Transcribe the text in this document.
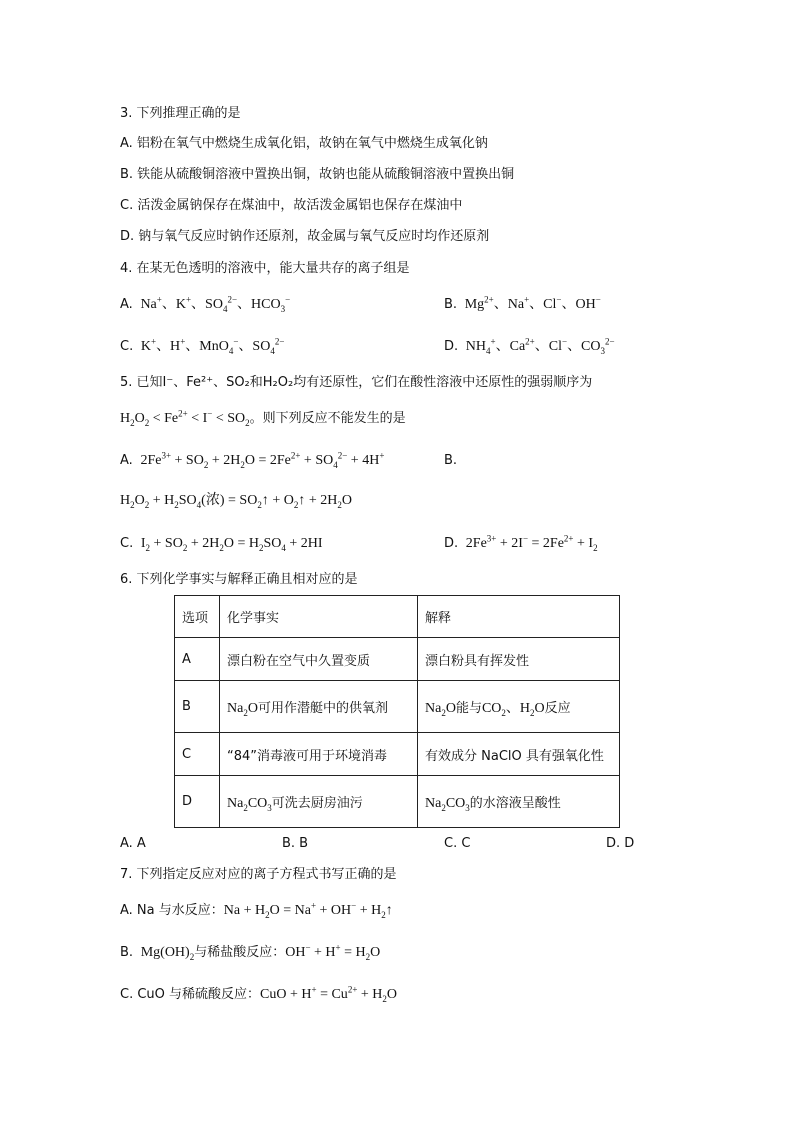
3. 下列推理正确的是
A. 铝粉在氧气中燃烧生成氧化铝，故钠在氧气中燃烧生成氧化钠
B. 铁能从硫酸铜溶液中置换出铜，故钠也能从硫酸铜溶液中置换出铜
C. 活泼金属钠保存在煤油中，故活泼金属铝也保存在煤油中
D. 钠与氧气反应时钠作还原剂，故金属与氧气反应时均作还原剂
4. 在某无色透明的溶液中，能大量共存的离子组是
A.  Na+、K+、$SO_4^{2-}$、$HCO_3^-$	B.  $Mg^{2+}$、Na+、Cl−、OH−
C.  K+、H+、MnO$_4$−、$SO_4^{2-}$	D.  $NH_4^+$、$Ca^{2+}$、Cl−、$CO_3^{2-}$
5. 已知I⁻、Fe²⁺、SO₂和H₂O₂均有还原性，它们在酸性溶液中还原性的强弱顺序为
$H_2O_2 < Fe^{2+} < I^- < SO_2$。则下列反应不能发生的是
A.  $2Fe^{3+} + SO_2 + 2H_2O = 2Fe^{2+} + SO_4^{2-} + 4H^+$	B.
$H_2O_2 + H_2SO_4$(浓) = $SO_2↑$ + $O_2↑ + 2H_2O$
C.  $I_2 + SO_2 + 2H_2O = H_2SO_4 + 2HI$	D.  $2Fe^{3+} + 2I^- = 2Fe^{2+} + I_2$
6. 下列化学事实与解释正确且相对应的是
选项	化学事实	解释
A	漂白粉在空气中久置变质	漂白粉具有挥发性
B	$Na_2O$可用作潜艇中的供氧剂	$Na_2O$能与$CO_2$、$H_2O$反应
C	“84”消毒液可用于环境消毒	有效成分 NaClO 具有强氧化性
D	$Na_2CO_3$可洗去厨房油污	$Na_2CO_3$的水溶液呈酸性
A. A	B. B	C. C	D. D
7. 下列指定反应对应的离子方程式书写正确的是
A. Na 与水反应：$Na + H_2O = Na^+ + OH^-$ + $H_2↑$
B.  $Mg(OH)_2$与稀盐酸反应：$OH^- + H^+ = H_2O$
C. CuO 与稀硫酸反应：CuO + $H^+ = Cu^{2+} + H_2O$
